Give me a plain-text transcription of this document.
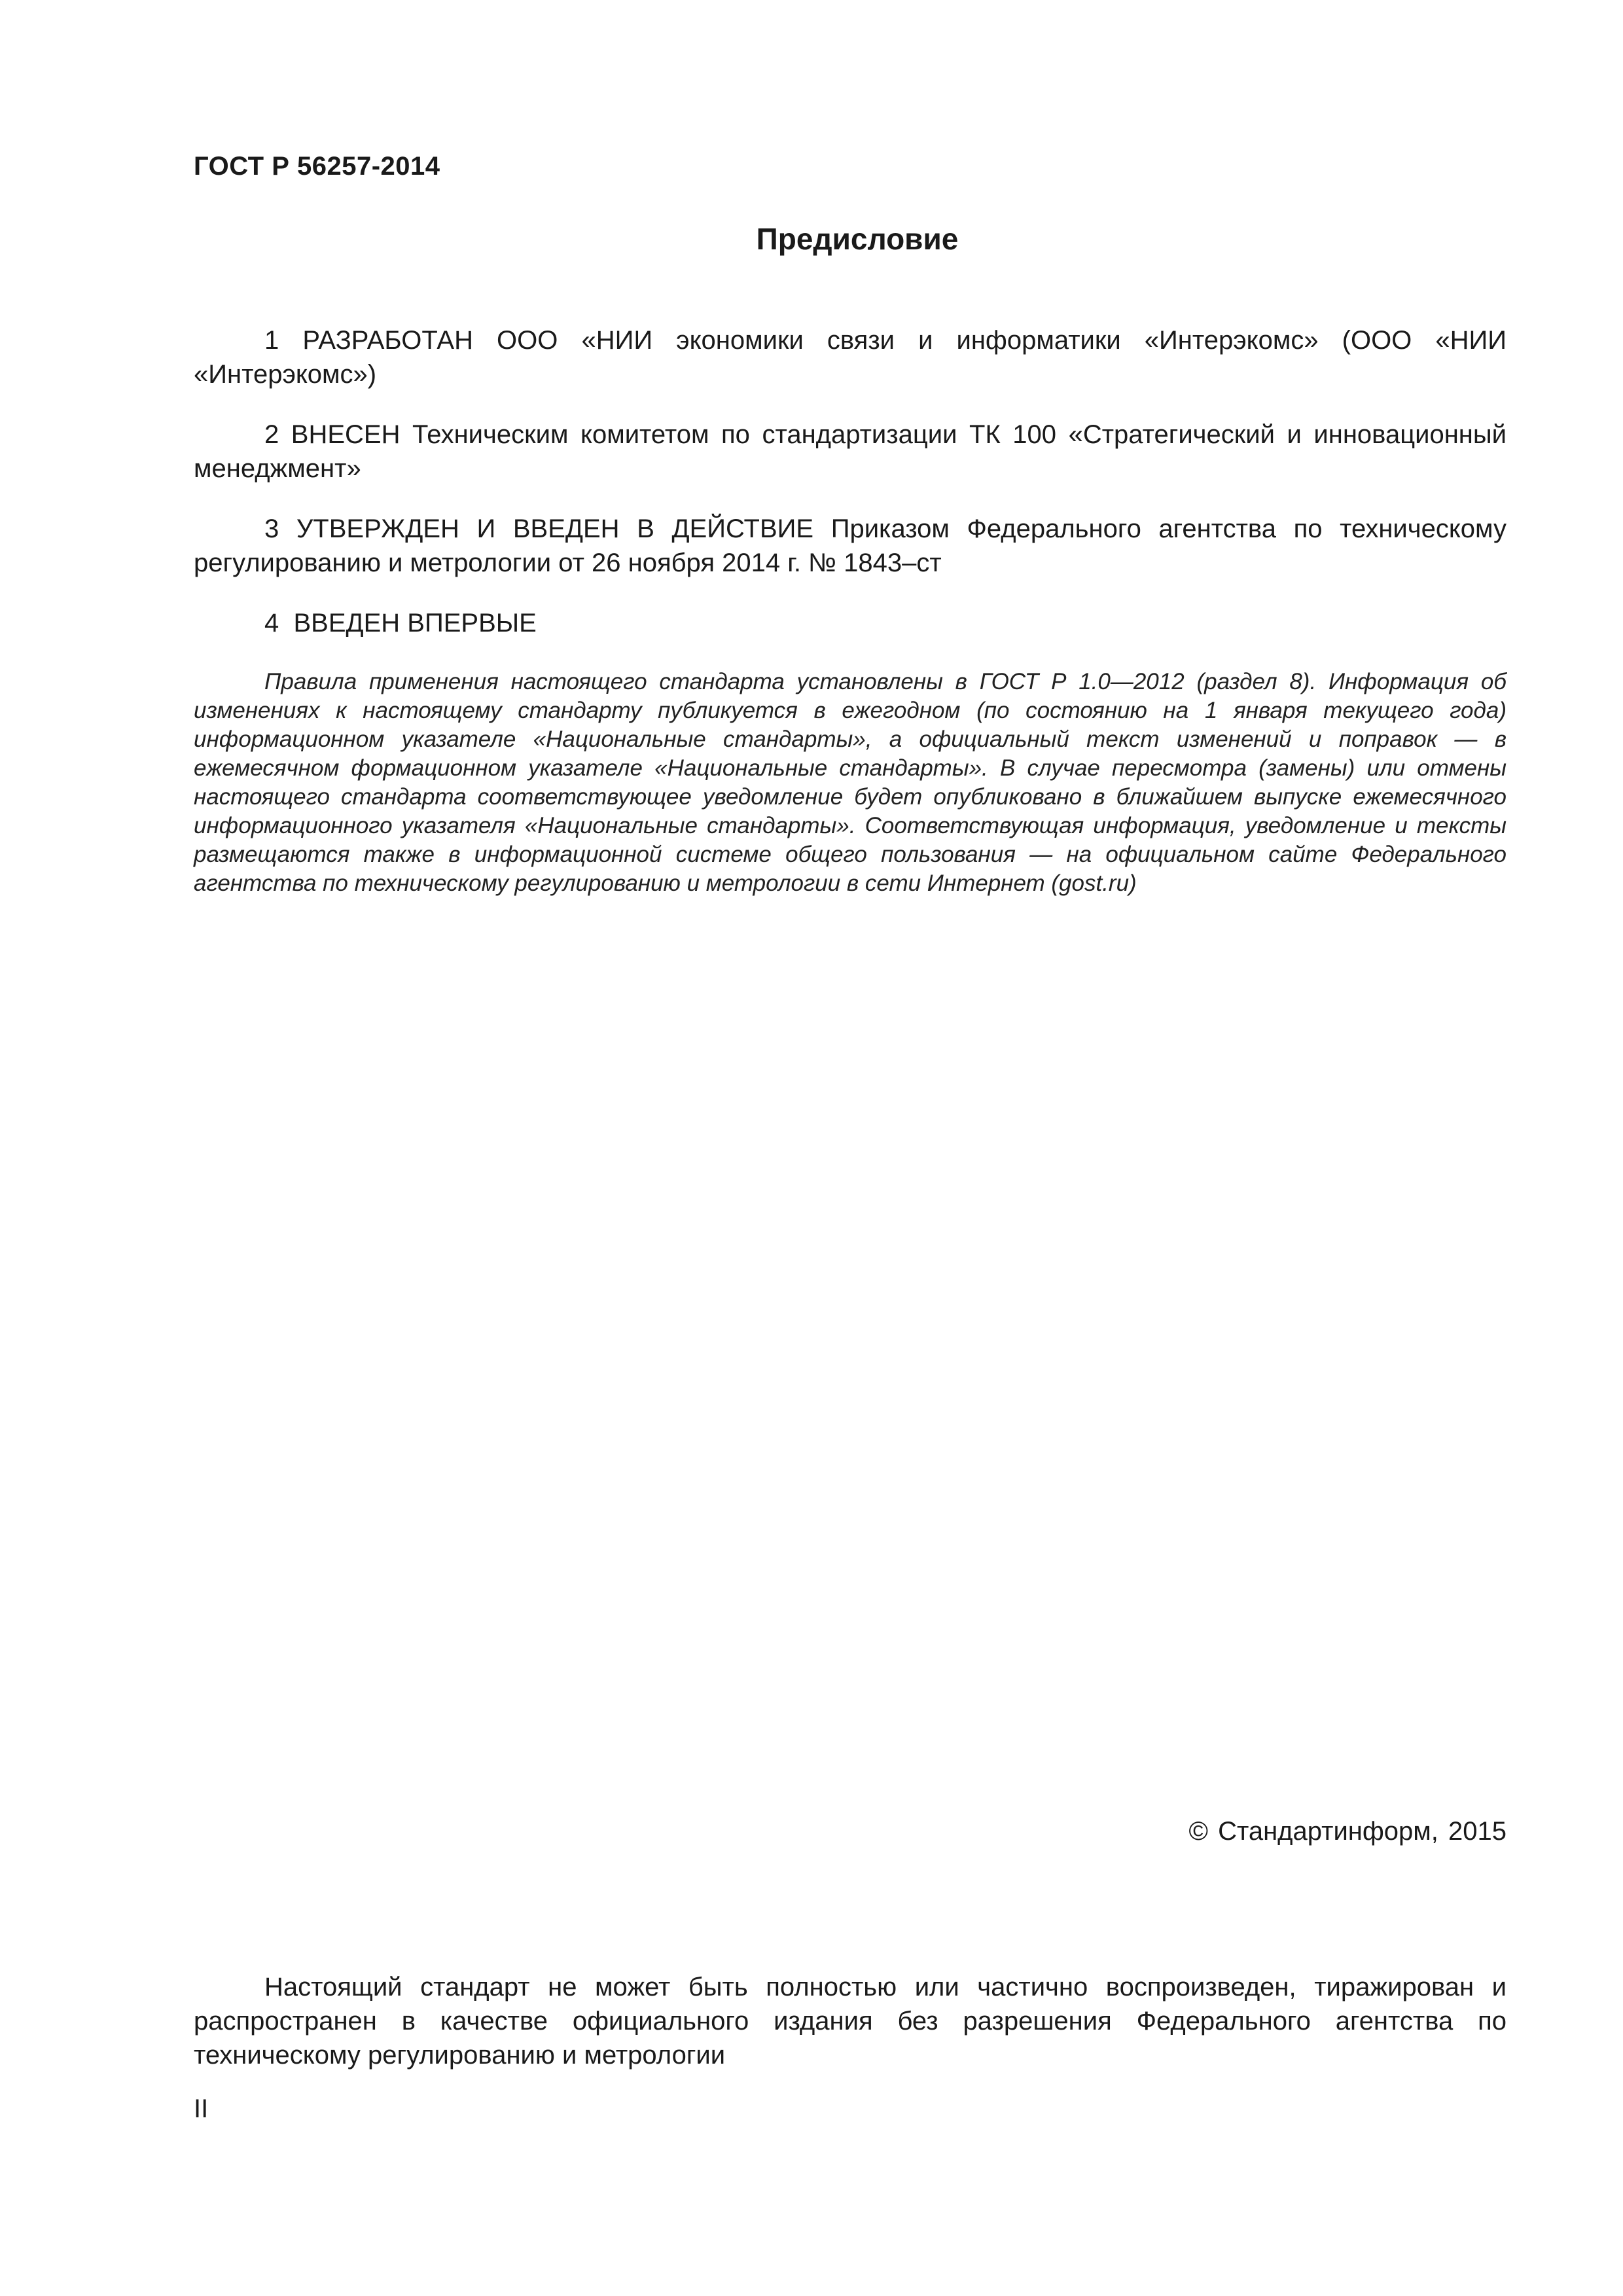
ГОСТ Р 56257-2014
Предисловие
1 РАЗРАБОТАН ООО «НИИ экономики связи и информатики «Интерэкомс» (ООО «НИИ «Интерэкомс»)
2 ВНЕСЕН Техническим комитетом по стандартизации ТК 100 «Стратегический и инновационный менеджмент»
3 УТВЕРЖДЕН И ВВЕДЕН В ДЕЙСТВИЕ Приказом Федерального агентства по техническому регулированию и метрологии от 26 ноября 2014 г. № 1843–ст
4 ВВЕДЕН ВПЕРВЫЕ
Правила применения настоящего стандарта установлены в ГОСТ Р 1.0—2012 (раздел 8). Информация об изменениях к настоящему стандарту публикуется в ежегодном (по состоянию на 1 января текущего года) информационном указателе «Национальные стандарты», а официальный текст изменений и поправок — в ежемесячном формационном указателе «Национальные стандарты». В случае пересмотра (замены) или отмены настоящего стандарта соответствующее уведомление будет опубликовано в ближайшем выпуске ежемесячного информационного указателя «Национальные стандарты». Соответствующая информация, уведомление и тексты размещаются также в информационной системе общего пользования — на официальном сайте Федерального агентства по техническому регулированию и метрологии в сети Интернет (gost.ru)
© Стандартинформ, 2015
Настоящий стандарт не может быть полностью или частично воспроизведен, тиражирован и распространен в качестве официального издания без разрешения Федерального агентства по техническому регулированию и метрологии
II
